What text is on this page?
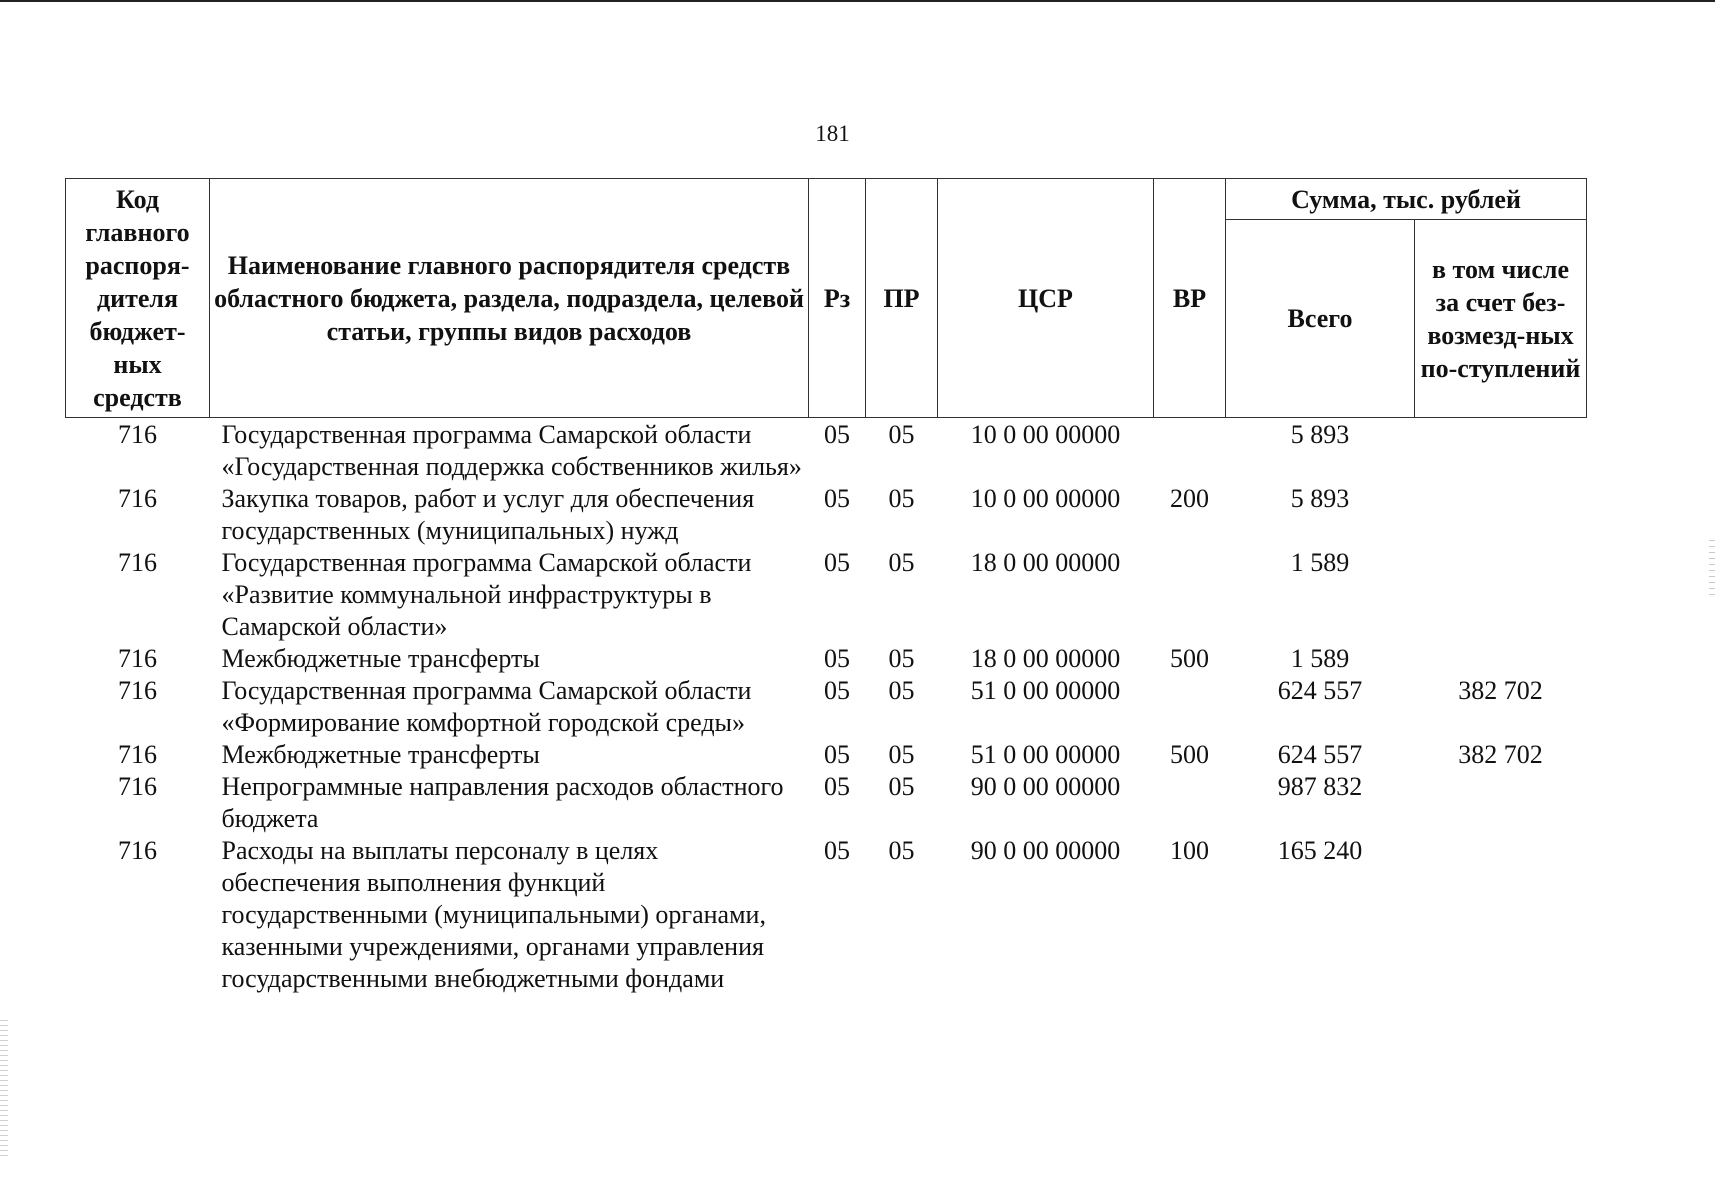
181
Код главного распоря-дителя бюджет-ных средств	Наименование главного распорядителя средств областного бюджета, раздела, подраздела, целевой статьи, группы видов расходов	Рз	ПР	ЦСР	ВР	Сумма, тыс. рублей	
						Всего	в том числе за счет без-возмезд-ных по-ступлений
716	Государственная программа Самарской области «Государственная поддержка собственников жилья»	05	05	10 0 00 00000		5 893	
716	Закупка товаров, работ и услуг для обеспечения государственных (муниципальных) нужд	05	05	10 0 00 00000	200	5 893	
716	Государственная программа Самарской области «Развитие коммунальной инфраструктуры в Самарской области»	05	05	18 0 00 00000		1 589	
716	Межбюджетные трансферты	05	05	18 0 00 00000	500	1 589	
716	Государственная программа Самарской области «Формирование комфортной городской среды»	05	05	51 0 00 00000		624 557	382 702
716	Межбюджетные трансферты	05	05	51 0 00 00000	500	624 557	382 702
716	Непрограммные направления расходов областного бюджета	05	05	90 0 00 00000		987 832	
716	Расходы на выплаты персоналу в целях обеспечения выполнения функций государственными (муниципальными) органами, казенными учреждениями, органами управления государственными внебюджетными фондами	05	05	90 0 00 00000	100	165 240	
